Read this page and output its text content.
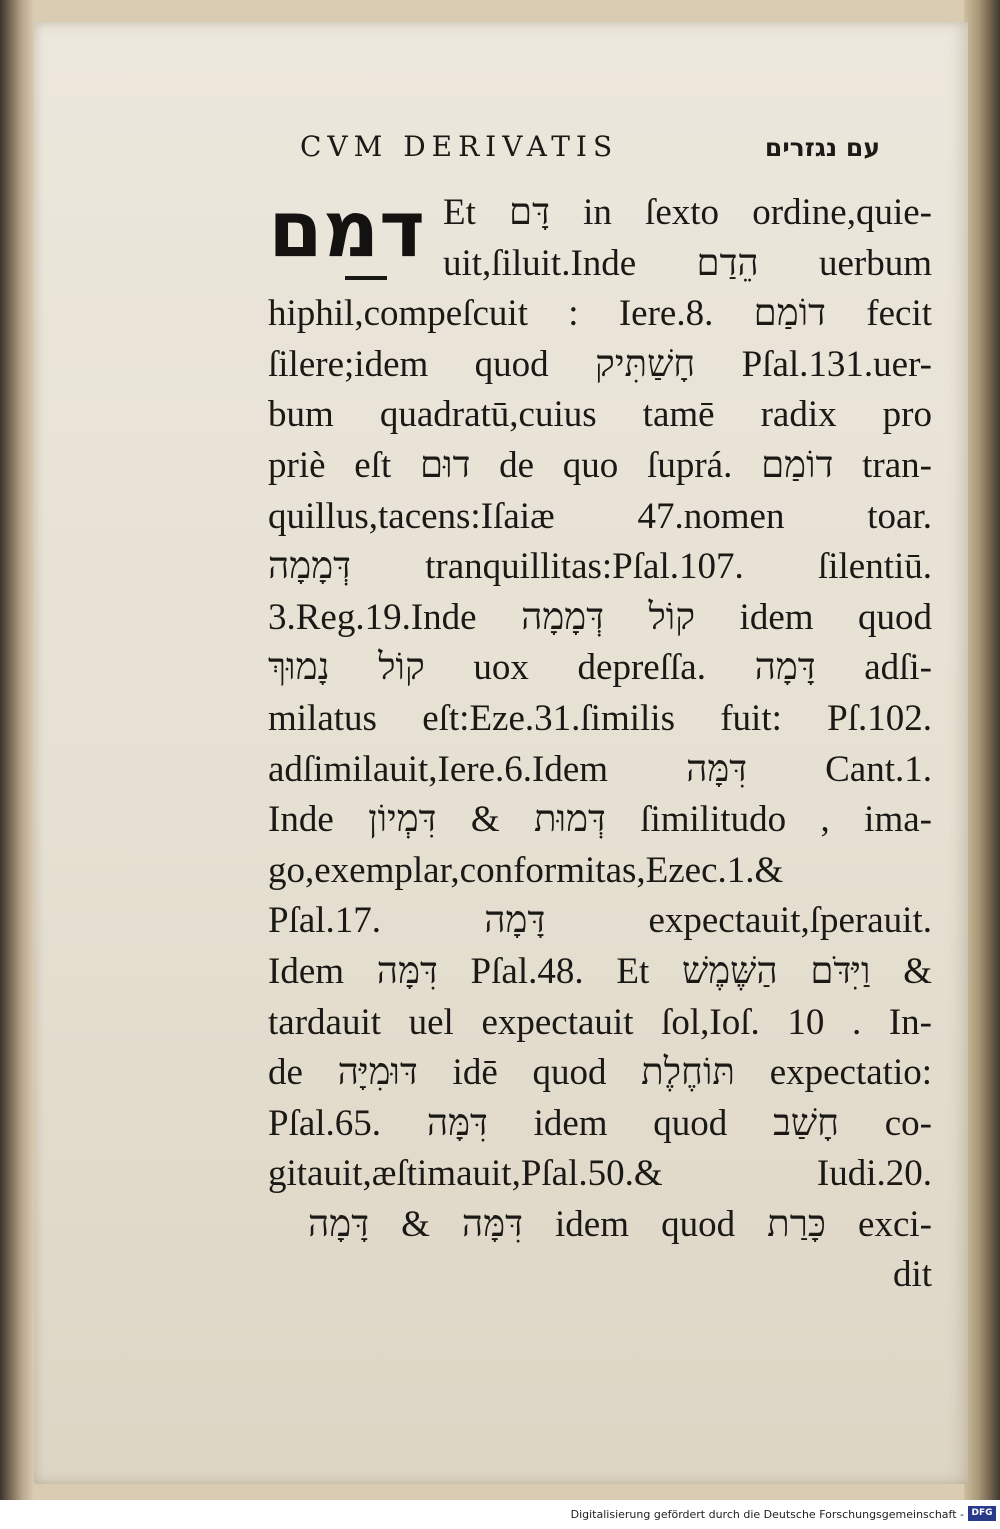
CVM DERIVATIS	עם נגזרים
דמם Et דָּם in ſexto ordine,quie-
uit,ſiluit.Inde הֵדַם uerbum
hiphil,compeſcuit : Iere.8. דוֹמַם fecit
ſilere;idem quod חָשַׁתִּיק Pſal.131.uer-
bum quadratū,cuius tamē radix pro
priè eſt דוּם de quo ſuprá. דוֹמַם tran-
quillus,tacens:Iſaiæ 47.nomen toar.
דְּמָמָה tranquillitas:Pſal.107. ſilentiū.
3.Reg.19.Inde קוֹל דְּמָמָה idem quod
קוֹל נָמוּךְ uox depreſſa. דָּמָה adſi-
milatus eſt:Eze.31.ſimilis fuit: Pſ.102.
adſimilauit,Iere.6.Idem דִּמָּה Cant.1.
Inde דְּמוּת & דִּמְיוֹן ſimilitudo , ima-
go,exemplar,conformitas,Ezec.1.&
Pſal.17. דָּמָה expectauit,ſperauit.
Idem דִּמָּה Pſal.48. Et וַיִּדֹּם הַשֶּׁמֶשׁ &
tardauit uel expectauit ſol,Ioſ. 10 . In-
de דּוּמִיָּה idē quod תּוֹחֶלֶת expectatio:
Pſal.65. דִּמָּה idem quod חָשַׁב co-
gitauit,æſtimauit,Pſal.50.& Iudi.20.
דִּמָּה & דָּמָה idem quod כָּרַת exci-
dit
Digitalisierung gefördert durch die Deutsche Forschungsgemeinschaft - DFG
